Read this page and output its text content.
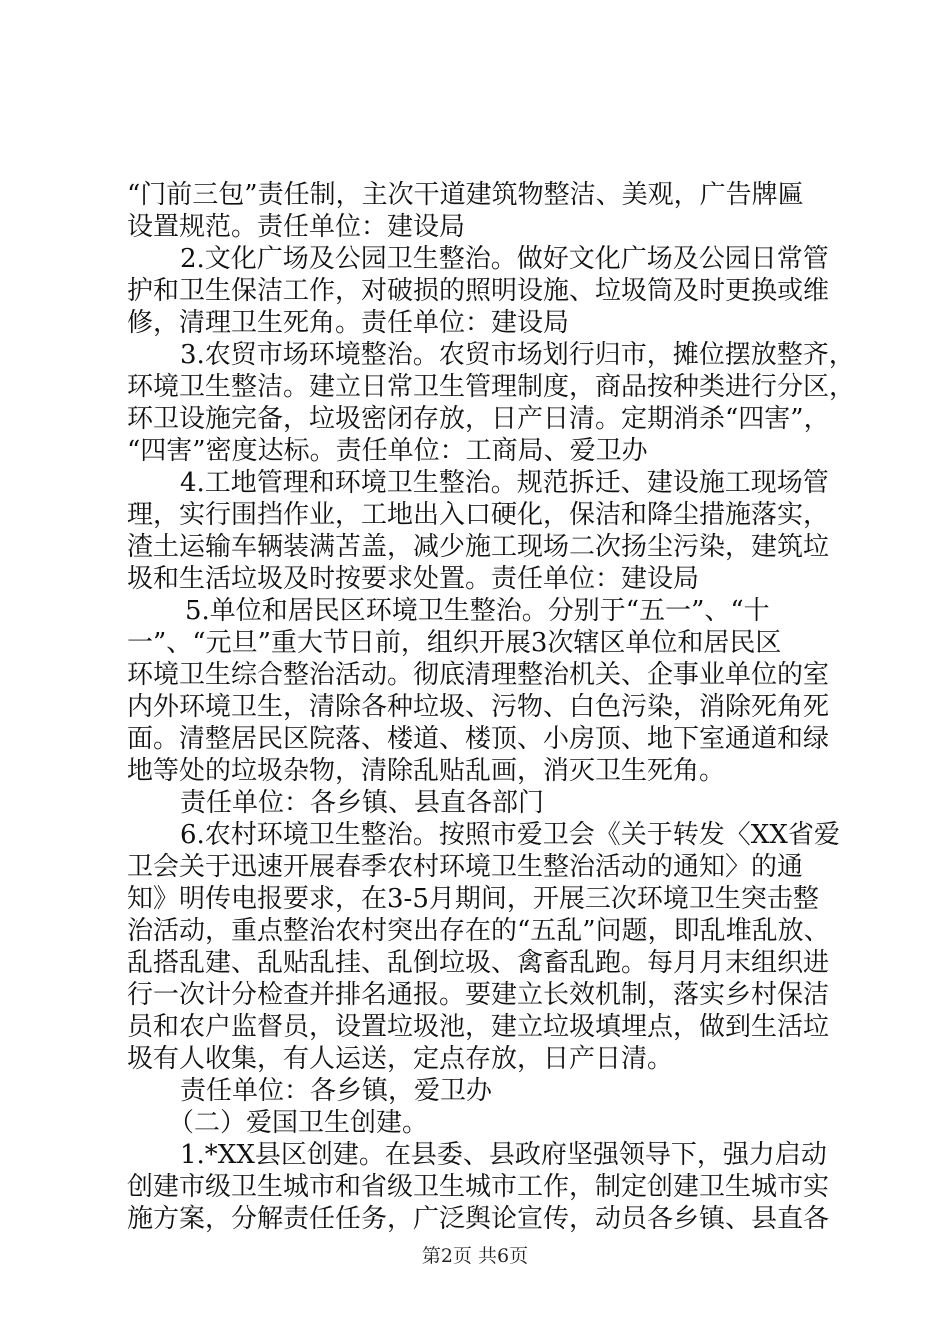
“门前三包”责任制，主次干道建筑物整洁、美观，广告牌匾
设置规范。责任单位：建设局
2.文化广场及公园卫生整治。做好文化广场及公园日常管
护和卫生保洁工作，对破损的照明设施、垃圾筒及时更换或维
修，清理卫生死角。责任单位：建设局
3.农贸市场环境整治。农贸市场划行归市，摊位摆放整齐，
环境卫生整洁。建立日常卫生管理制度，商品按种类进行分区，
环卫设施完备，垃圾密闭存放，日产日清。定期消杀“四害”，
“四害”密度达标。责任单位：工商局、爱卫办
4.工地管理和环境卫生整治。规范拆迁、建设施工现场管
理，实行围挡作业，工地出入口硬化，保洁和降尘措施落实，
渣土运输车辆装满苫盖，减少施工现场二次扬尘污染，建筑垃
圾和生活垃圾及时按要求处置。责任单位：建设局
5.单位和居民区环境卫生整治。分别于“五一”、“十
一”、“元旦”重大节日前，组织开展3次辖区单位和居民区
环境卫生综合整治活动。彻底清理整治机关、企事业单位的室
内外环境卫生，清除各种垃圾、污物、白色污染，消除死角死
面。清整居民区院落、楼道、楼顶、小房顶、地下室通道和绿
地等处的垃圾杂物，清除乱贴乱画，消灭卫生死角。
责任单位：各乡镇、县直各部门
6.农村环境卫生整治。按照市爱卫会《关于转发〈XX省爱
卫会关于迅速开展春季农村环境卫生整治活动的通知〉的通
知》明传电报要求，在3-5月期间，开展三次环境卫生突击整
治活动，重点整治农村突出存在的“五乱”问题，即乱堆乱放、
乱搭乱建、乱贴乱挂、乱倒垃圾、禽畜乱跑。每月月末组织进
行一次计分检查并排名通报。要建立长效机制，落实乡村保洁
员和农户监督员，设置垃圾池，建立垃圾填埋点，做到生活垃
圾有人收集，有人运送，定点存放，日产日清。
责任单位：各乡镇，爱卫办
（二）爱国卫生创建。
1.*XX县区创建。在县委、县政府坚强领导下，强力启动
创建市级卫生城市和省级卫生城市工作，制定创建卫生城市实
施方案，分解责任任务，广泛舆论宣传，动员各乡镇、县直各
第2页 共6页
